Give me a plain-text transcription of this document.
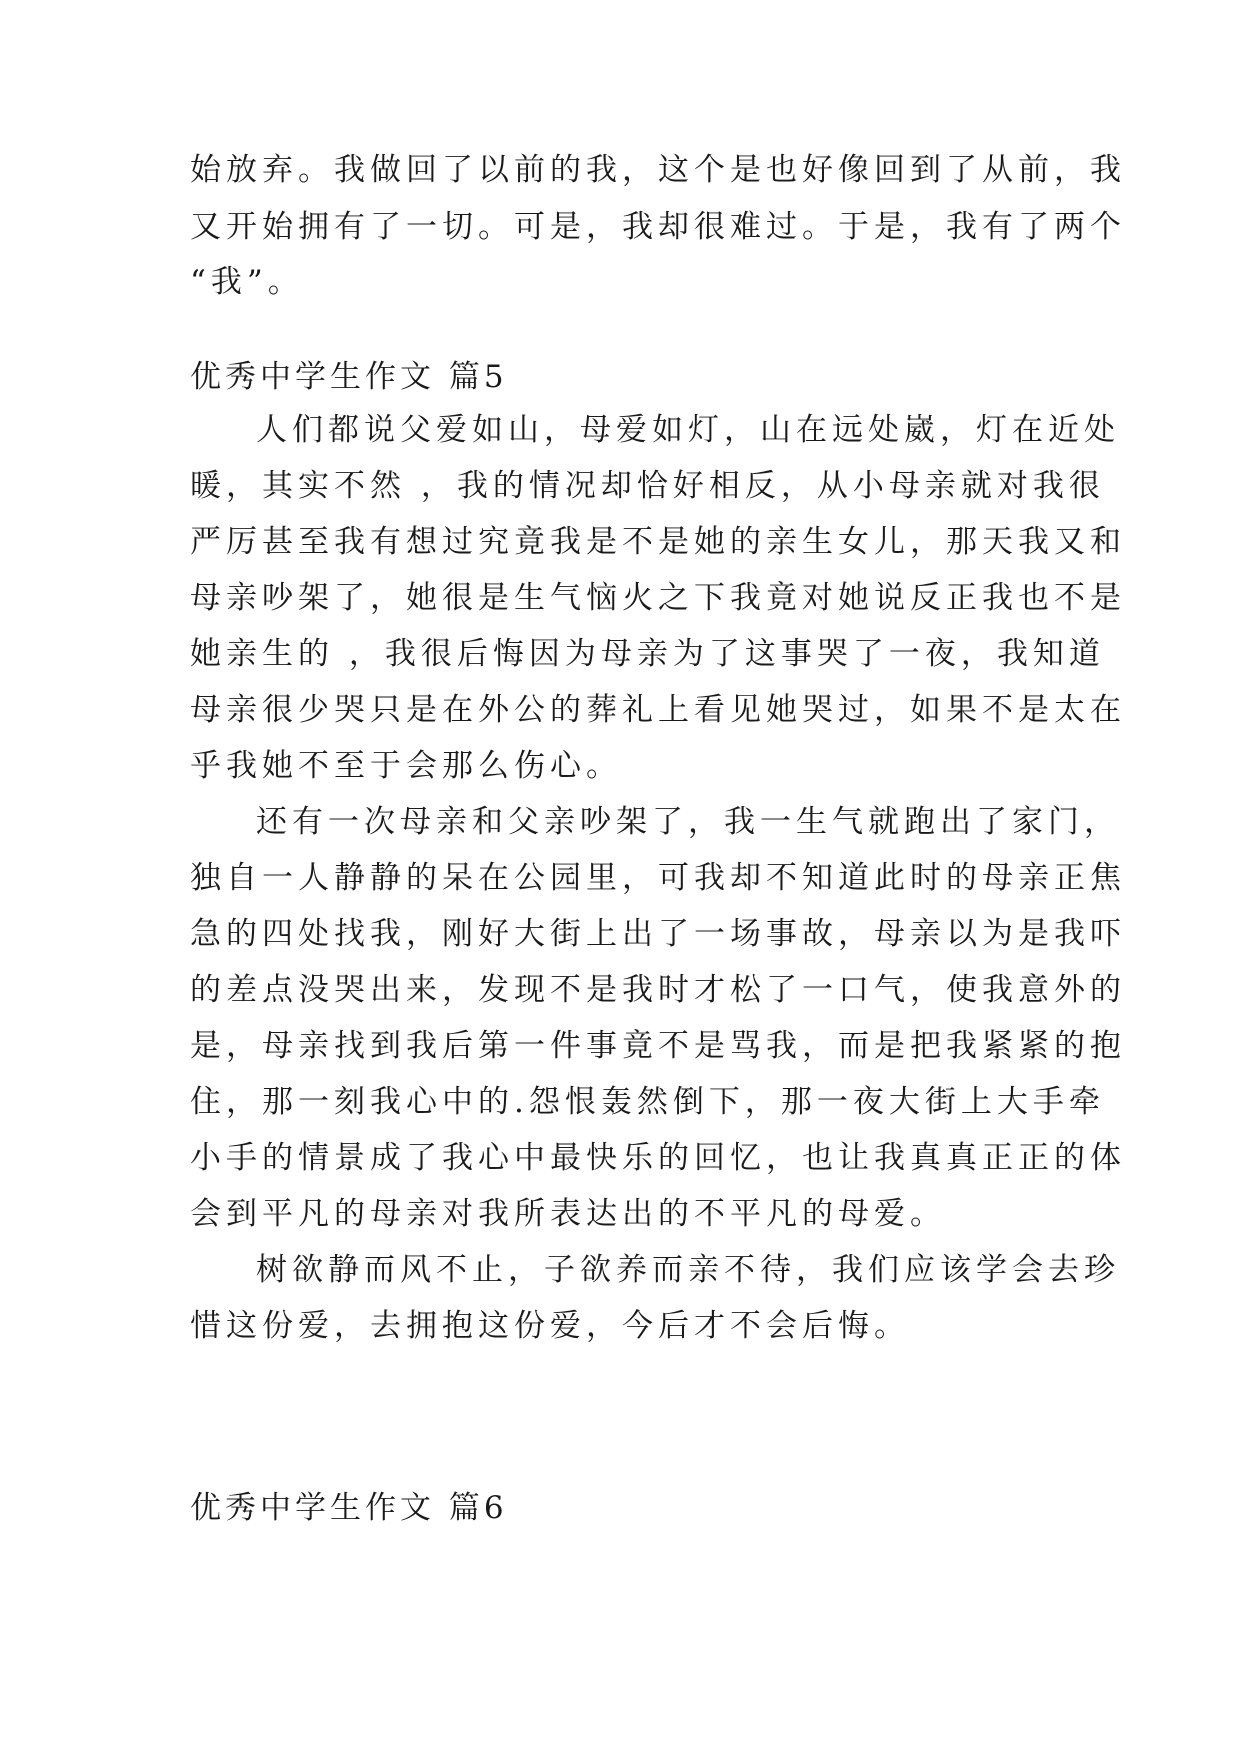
始放弃。我做回了以前的我，这个是也好像回到了从前，我
又开始拥有了一切。可是，我却很难过。于是，我有了两个
“我”。
优秀中学生作文 篇5
人们都说父爱如山，母爱如灯，山在远处崴，灯在近处
暖，其实不然 ，我的情况却恰好相反，从小母亲就对我很
严厉甚至我有想过究竟我是不是她的亲生女儿，那天我又和
母亲吵架了，她很是生气恼火之下我竟对她说反正我也不是
她亲生的 ，我很后悔因为母亲为了这事哭了一夜，我知道
母亲很少哭只是在外公的葬礼上看见她哭过，如果不是太在
乎我她不至于会那么伤心。
还有一次母亲和父亲吵架了，我一生气就跑出了家门，
独自一人静静的呆在公园里，可我却不知道此时的母亲正焦
急的四处找我，刚好大街上出了一场事故，母亲以为是我吓
的差点没哭出来，发现不是我时才松了一口气，使我意外的
是，母亲找到我后第一件事竟不是骂我，而是把我紧紧的抱
住，那一刻我心中的.怨恨轰然倒下，那一夜大街上大手牵
小手的情景成了我心中最快乐的回忆，也让我真真正正的体
会到平凡的母亲对我所表达出的不平凡的母爱。
树欲静而风不止，子欲养而亲不待，我们应该学会去珍
惜这份爱，去拥抱这份爱，今后才不会后悔。
优秀中学生作文 篇6
